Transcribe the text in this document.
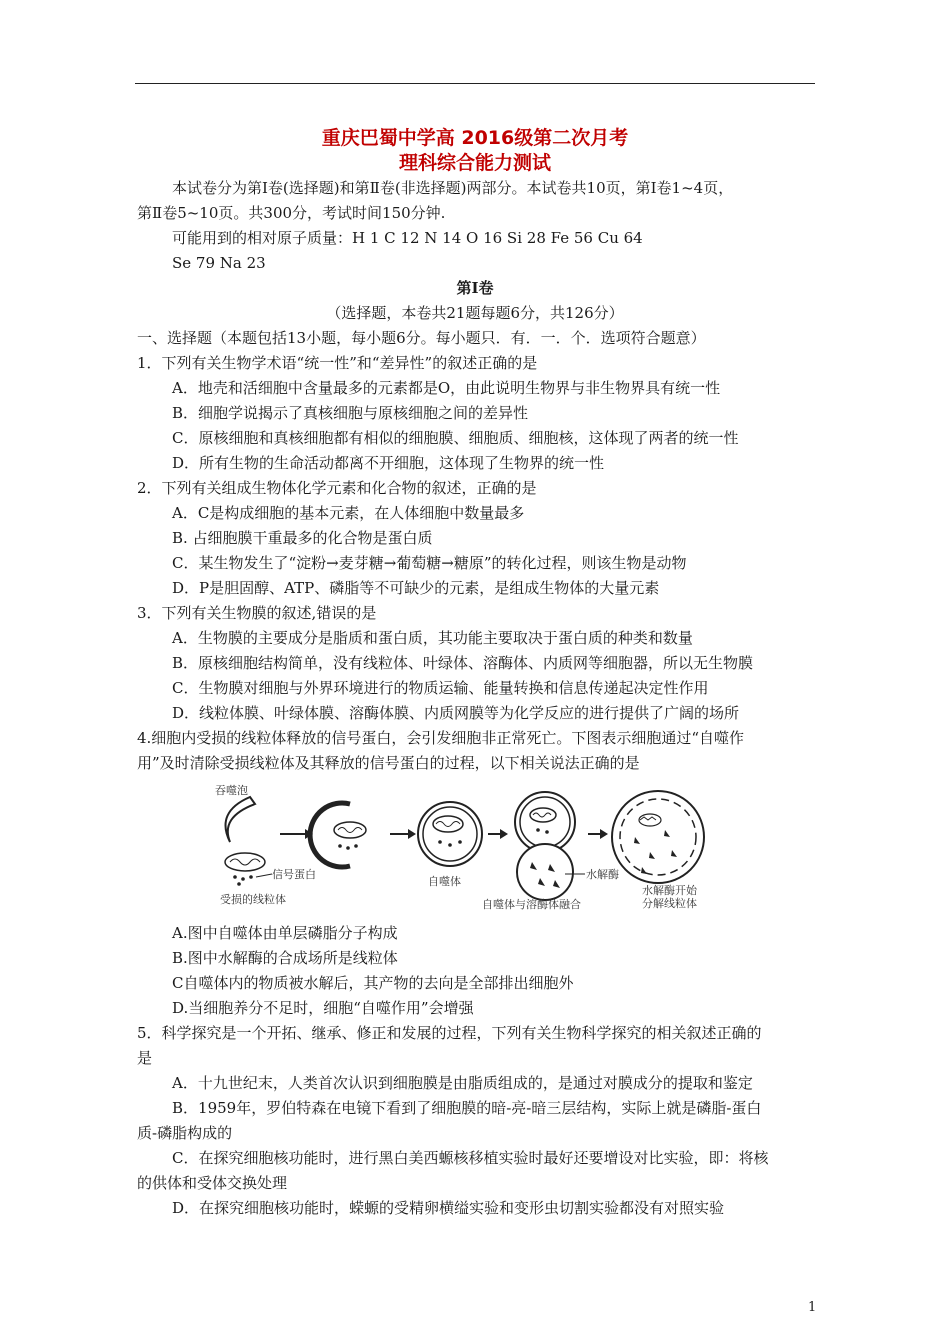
重庆巴蜀中学高 2016级第二次月考
理科综合能力测试
本试卷分为第Ⅰ卷(选择题)和第Ⅱ卷(非选择题)两部分。本试卷共10页，第Ⅰ卷1~4页，
第Ⅱ卷5~10页。共300分，考试时间150分钟.
可能用到的相对原子质量：H 1 C 12 N 14 O 16 Si 28 Fe 56 Cu 64
Se 79 Na 23
第Ⅰ卷
（选择题，本卷共21题每题6分，共126分）
一、选择题（本题包括13小题，每小题6分。每小题只．有．一．个．选项符合题意）
1．下列有关生物学术语“统一性”和“差异性”的叙述正确的是
A．地壳和活细胞中含量最多的元素都是O，由此说明生物界与非生物界具有统一性
B．细胞学说揭示了真核细胞与原核细胞之间的差异性
C．原核细胞和真核细胞都有相似的细胞膜、细胞质、细胞核，这体现了两者的统一性
D．所有生物的生命活动都离不开细胞，这体现了生物界的统一性
2．下列有关组成生物体化学元素和化合物的叙述，正确的是
A．C是构成细胞的基本元素，在人体细胞中数量最多
B. 占细胞膜干重最多的化合物是蛋白质
C．某生物发生了“淀粉→麦芽糖→葡萄糖→糖原”的转化过程，则该生物是动物
D．P是胆固醇、ATP、磷脂等不可缺少的元素，是组成生物体的大量元素
3．下列有关生物膜的叙述,错误的是
A．生物膜的主要成分是脂质和蛋白质，其功能主要取决于蛋白质的种类和数量
B．原核细胞结构简单，没有线粒体、叶绿体、溶酶体、内质网等细胞器，所以无生物膜
C．生物膜对细胞与外界环境进行的物质运输、能量转换和信息传递起决定性作用
D．线粒体膜、叶绿体膜、溶酶体膜、内质网膜等为化学反应的进行提供了广阔的场所
4.细胞内受损的线粒体释放的信号蛋白，会引发细胞非正常死亡。下图表示细胞通过“自噬作
用”及时清除受损线粒体及其释放的信号蛋白的过程，以下相关说法正确的是
吞噬泡
信号蛋白
受损的线粒体
自噬体
水解酶
自噬体与溶酶体融合
水解酶开始
分解线粒体
A.图中自噬体由单层磷脂分子构成
B.图中水解酶的合成场所是线粒体
C自噬体内的物质被水解后，其产物的去向是全部排出细胞外
D.当细胞养分不足时，细胞“自噬作用”会增强
5．科学探究是一个开拓、继承、修正和发展的过程，下列有关生物科学探究的相关叙述正确的
是
A．十九世纪末，人类首次认识到细胞膜是由脂质组成的，是通过对膜成分的提取和鉴定
B．1959年，罗伯特森在电镜下看到了细胞膜的暗-亮-暗三层结构，实际上就是磷脂-蛋白
质-磷脂构成的
C．在探究细胞核功能时，进行黑白美西螈核移植实验时最好还要增设对比实验，即：将核
的供体和受体交换处理
D．在探究细胞核功能时，蝾螈的受精卵横缢实验和变形虫切割实验都没有对照实验
1
